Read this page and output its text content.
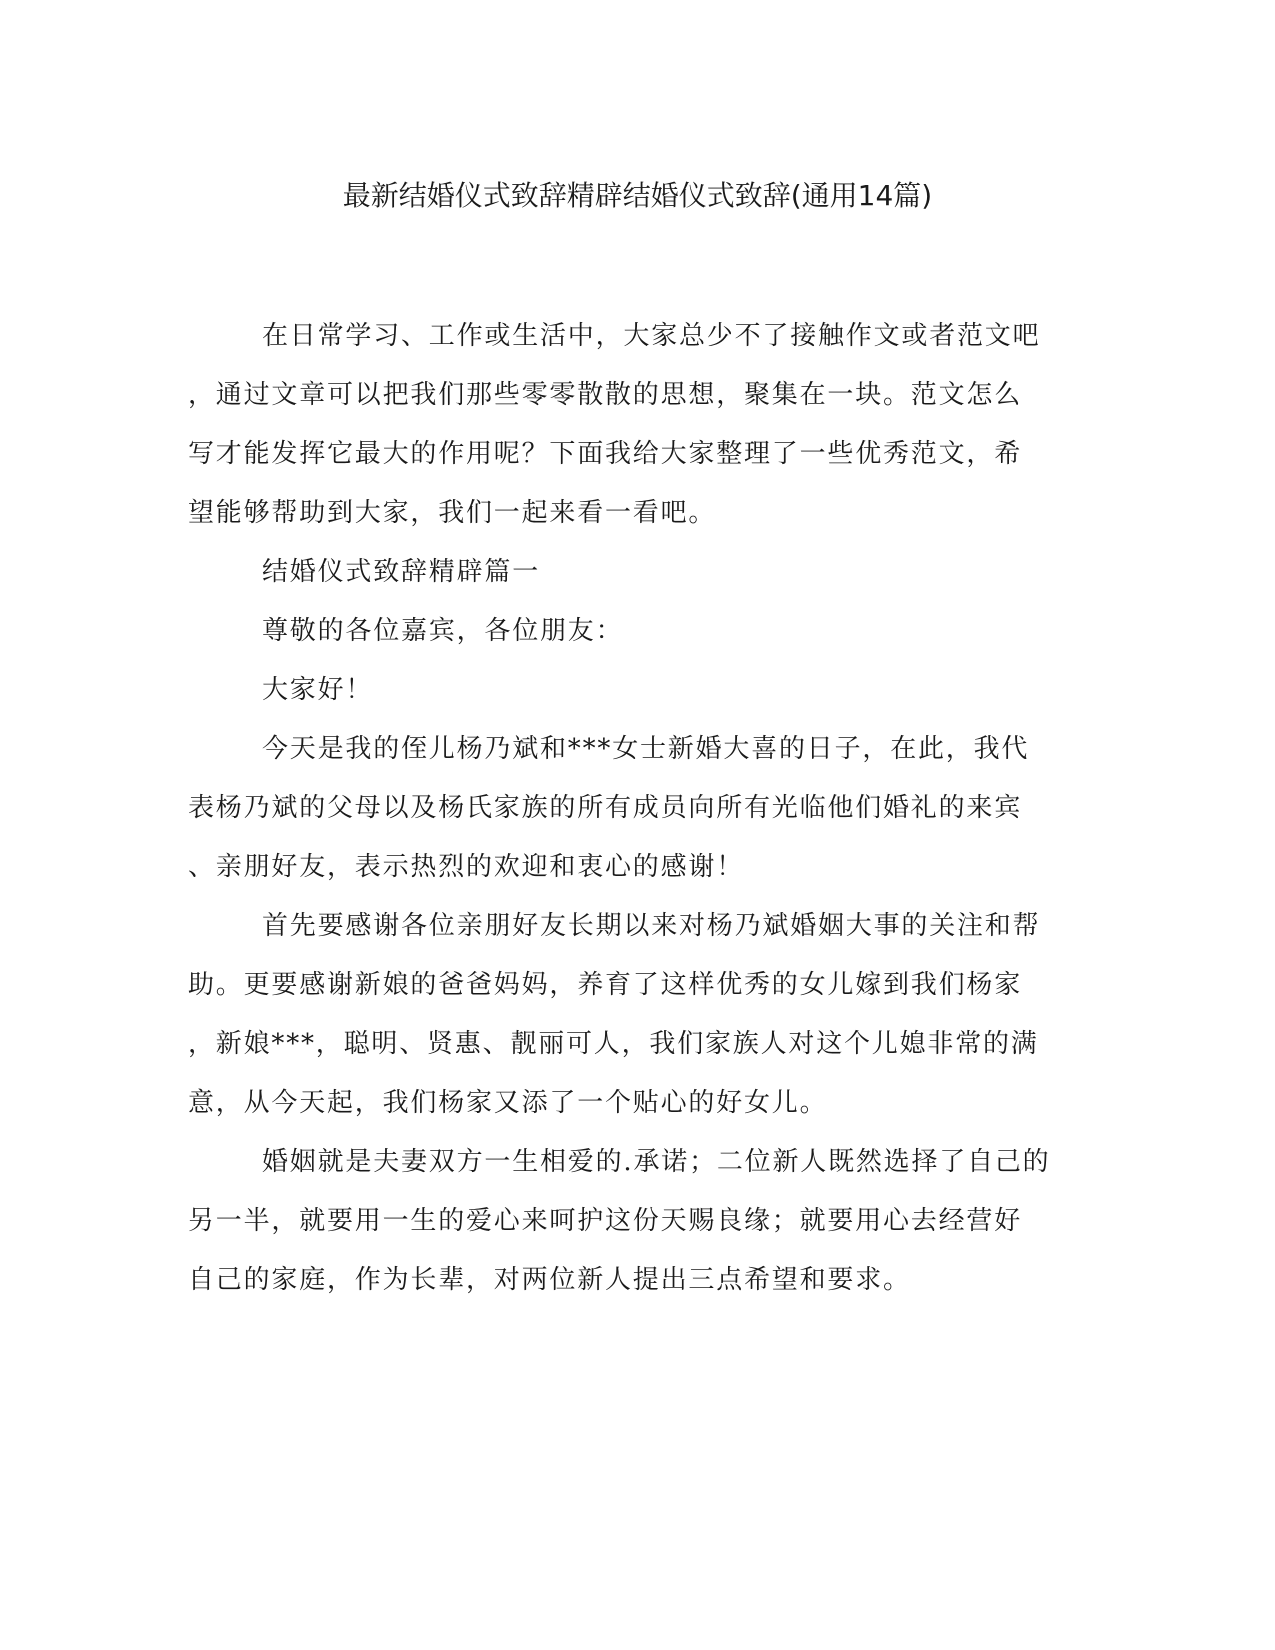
最新结婚仪式致辞精辟结婚仪式致辞(通用14篇)
在日常学习、工作或生活中，大家总少不了接触作文或者范文吧
，通过文章可以把我们那些零零散散的思想，聚集在一块。范文怎么
写才能发挥它最大的作用呢？下面我给大家整理了一些优秀范文，希
望能够帮助到大家，我们一起来看一看吧。
结婚仪式致辞精辟篇一
尊敬的各位嘉宾，各位朋友：
大家好！
今天是我的侄儿杨乃斌和***女士新婚大喜的日子，在此，我代
表杨乃斌的父母以及杨氏家族的所有成员向所有光临他们婚礼的来宾
、亲朋好友，表示热烈的欢迎和衷心的感谢！
首先要感谢各位亲朋好友长期以来对杨乃斌婚姻大事的关注和帮
助。更要感谢新娘的爸爸妈妈，养育了这样优秀的女儿嫁到我们杨家
，新娘***，聪明、贤惠、靓丽可人，我们家族人对这个儿媳非常的满
意，从今天起，我们杨家又添了一个贴心的好女儿。
婚姻就是夫妻双方一生相爱的.承诺；二位新人既然选择了自己的
另一半，就要用一生的爱心来呵护这份天赐良缘；就要用心去经营好
自己的家庭，作为长辈，对两位新人提出三点希望和要求。
